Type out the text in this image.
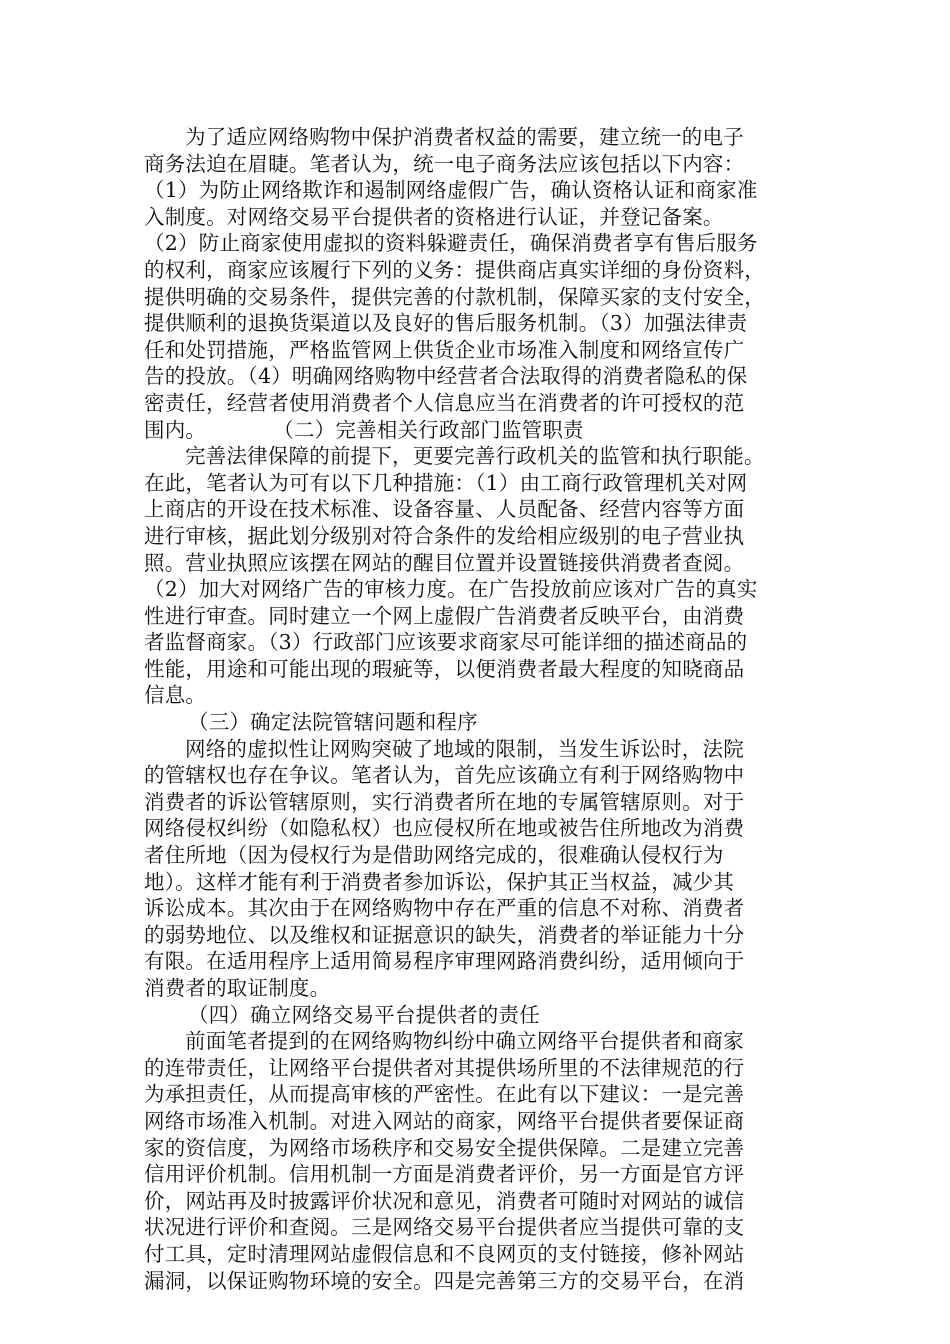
为了适应网络购物中保护消费者权益的需要，建立统一的电子
商务法迫在眉睫。笔者认为，统一电子商务法应该包括以下内容：
（1）为防止网络欺诈和遏制网络虚假广告，确认资格认证和商家准
入制度。对网络交易平台提供者的资格进行认证，并登记备案。
（2）防止商家使用虚拟的资料躲避责任，确保消费者享有售后服务
的权利，商家应该履行下列的义务：提供商店真实详细的身份资料，
提供明确的交易条件，提供完善的付款机制，保障买家的支付安全，
提供顺利的退换货渠道以及良好的售后服务机制。（3）加强法律责
任和处罚措施，严格监管网上供货企业市场准入制度和网络宣传广
告的投放。（4）明确网络购物中经营者合法取得的消费者隐私的保
密责任，经营者使用消费者个人信息应当在消费者的许可授权的范
围内。          （二）完善相关行政部门监管职责
完善法律保障的前提下，更要完善行政机关的监管和执行职能。
在此，笔者认为可有以下几种措施：（1）由工商行政管理机关对网
上商店的开设在技术标准、设备容量、人员配备、经营内容等方面
进行审核，据此划分级别对符合条件的发给相应级别的电子营业执
照。营业执照应该摆在网站的醒目位置并设置链接供消费者查阅。
（2）加大对网络广告的审核力度。在广告投放前应该对广告的真实
性进行审查。同时建立一个网上虚假广告消费者反映平台，由消费
者监督商家。（3）行政部门应该要求商家尽可能详细的描述商品的
性能，用途和可能出现的瑕疵等，以便消费者最大程度的知晓商品
信息。
（三）确定法院管辖问题和程序
网络的虚拟性让网购突破了地域的限制，当发生诉讼时，法院
的管辖权也存在争议。笔者认为，首先应该确立有利于网络购物中
消费者的诉讼管辖原则，实行消费者所在地的专属管辖原则。对于
网络侵权纠纷（如隐私权）也应侵权所在地或被告住所地改为消费
者住所地（因为侵权行为是借助网络完成的，很难确认侵权行为
地）。这样才能有利于消费者参加诉讼，保护其正当权益，减少其
诉讼成本。其次由于在网络购物中存在严重的信息不对称、消费者
的弱势地位、以及维权和证据意识的缺失，消费者的举证能力十分
有限。在适用程序上适用简易程序审理网路消费纠纷，适用倾向于
消费者的取证制度。
（四）确立网络交易平台提供者的责任
前面笔者提到的在网络购物纠纷中确立网络平台提供者和商家
的连带责任，让网络平台提供者对其提供场所里的不法律规范的行
为承担责任，从而提高审核的严密性。在此有以下建议：一是完善
网络市场准入机制。对进入网站的商家，网络平台提供者要保证商
家的资信度，为网络市场秩序和交易安全提供保障。二是建立完善
信用评价机制。信用机制一方面是消费者评价，另一方面是官方评
价，网站再及时披露评价状况和意见，消费者可随时对网站的诚信
状况进行评价和查阅。三是网络交易平台提供者应当提供可靠的支
付工具，定时清理网站虚假信息和不良网页的支付链接，修补网站
漏洞，以保证购物环境的安全。四是完善第三方的交易平台，在消
